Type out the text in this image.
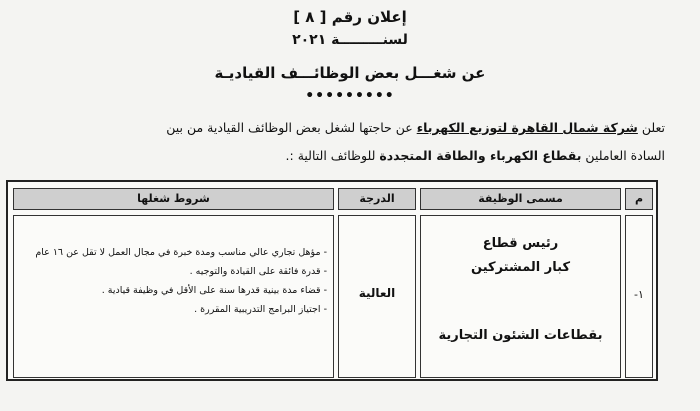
إعلان رقم [ ٨ ]
لسنـــــــــة ٢٠٢١
عن شغـــل بعض الوظائـــف القياديـة
•••••••••
تعلن شركة شمال القاهرة لتوزيع الكهرباء عن حاجتها لشغل بعض الوظائف القيادية من بين
السادة العاملين بقطاع الكهرباء والطاقة المتجددة للوظائف التالية :.
م
مسمى الوظيفة
الدرجة
شروط شغلها
-١
رئيس قطاع
كبار المشتركين
بقطاعات الشئون التجارية
العالية
- مؤهل تجاري عالي مناسب ومدة خبرة في مجال العمل لا تقل عن ١٦ عام
- قدرة فائقة على القيادة والتوجيه .
- قضاء مدة بينية قدرها سنة على الأقل في وظيفة قيادية .
- اجتياز البرامج التدريبية المقررة .
